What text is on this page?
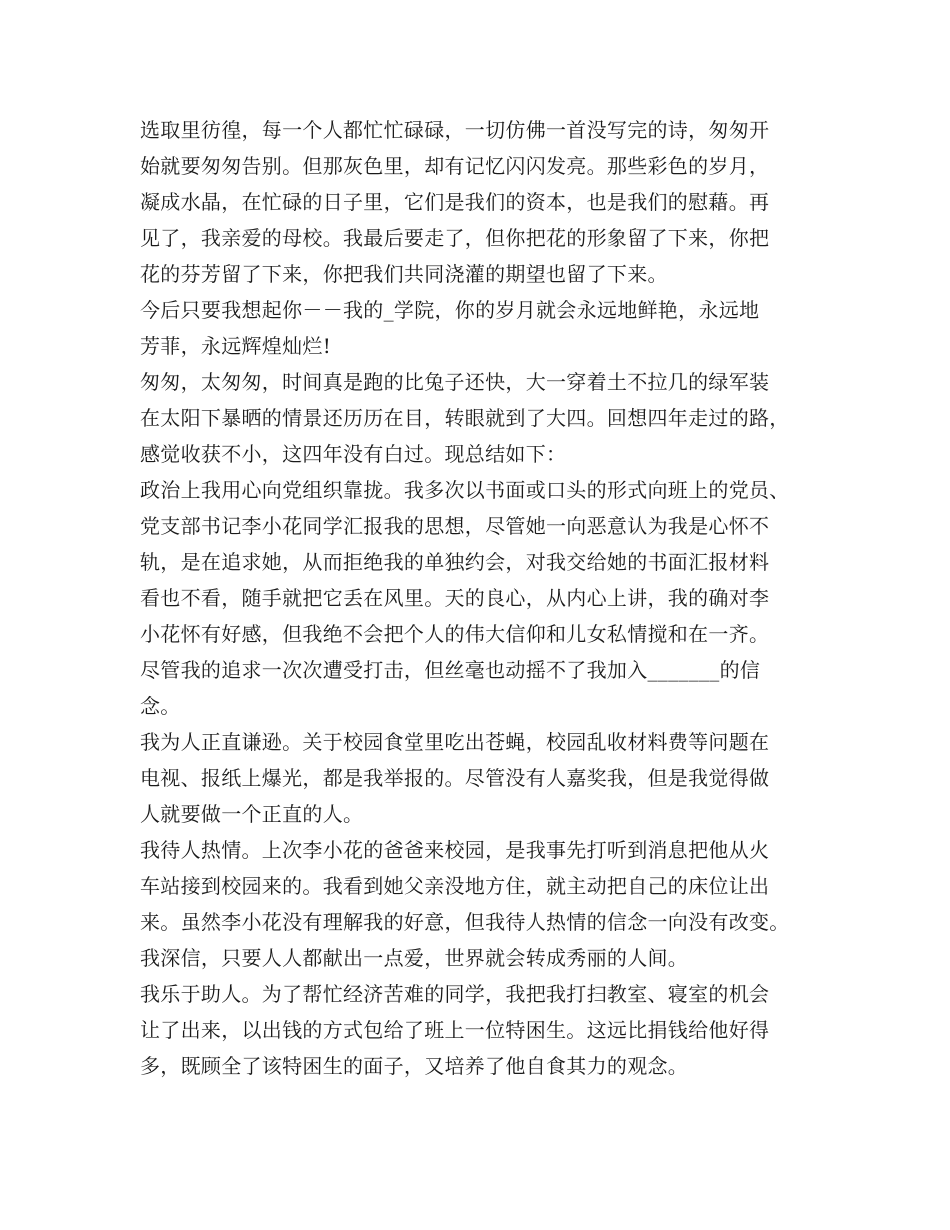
选取里彷徨，每一个人都忙忙碌碌，一切仿佛一首没写完的诗，匆匆开
始就要匆匆告别。但那灰色里，却有记忆闪闪发亮。那些彩色的岁月，
凝成水晶，在忙碌的日子里，它们是我们的资本，也是我们的慰藉。再
见了，我亲爱的母校。我最后要走了，但你把花的形象留了下来，你把
花的芬芳留了下来，你把我们共同浇灌的期望也留了下来。
今后只要我想起你－－我的_学院，你的岁月就会永远地鲜艳，永远地
芳菲，永远辉煌灿烂!
匆匆，太匆匆，时间真是跑的比兔子还快，大一穿着土不拉几的绿军装
在太阳下暴晒的情景还历历在目，转眼就到了大四。回想四年走过的路，
感觉收获不小，这四年没有白过。现总结如下：
政治上我用心向党组织靠拢。我多次以书面或口头的形式向班上的党员、
党支部书记李小花同学汇报我的思想，尽管她一向恶意认为我是心怀不
轨，是在追求她，从而拒绝我的单独约会，对我交给她的书面汇报材料
看也不看，随手就把它丢在风里。天的良心，从内心上讲，我的确对李
小花怀有好感，但我绝不会把个人的伟大信仰和儿女私情搅和在一齐。
尽管我的追求一次次遭受打击，但丝毫也动摇不了我加入_______的信
念。
我为人正直谦逊。关于校园食堂里吃出苍蝇，校园乱收材料费等问题在
电视、报纸上爆光，都是我举报的。尽管没有人嘉奖我，但是我觉得做
人就要做一个正直的人。
我待人热情。上次李小花的爸爸来校园，是我事先打听到消息把他从火
车站接到校园来的。我看到她父亲没地方住，就主动把自己的床位让出
来。虽然李小花没有理解我的好意，但我待人热情的信念一向没有改变。
我深信，只要人人都献出一点爱，世界就会转成秀丽的人间。
我乐于助人。为了帮忙经济苦难的同学，我把我打扫教室、寝室的机会
让了出来，以出钱的方式包给了班上一位特困生。这远比捐钱给他好得
多，既顾全了该特困生的面子，又培养了他自食其力的观念。
